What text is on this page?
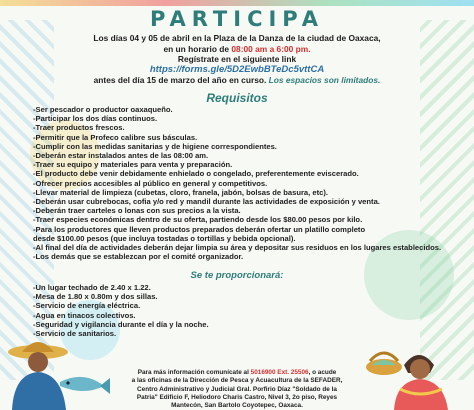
PARTICIPA
Los días 04 y 05 de abril en la Plaza de la Danza de la ciudad de Oaxaca,
en un horario de 08:00 am a 6:00 pm.
Regístrate en el siguiente link
https://forms.gle/5D2EwbBTeDc5vttCA
antes del día 15 de marzo del año en curso. Los espacios son limitados.
Requisitos
-Ser pescador o productor oaxaqueño.
-Participar los dos días continuos.
-Traer productos frescos.
-Permitir que la Profeco calibre sus básculas.
-Cumplir con las medidas sanitarias y de higiene correspondientes.
-Deberán estar instalados antes de las 08:00 am.
-Traer su equipo y materiales para venta y preparación.
-El producto debe venir debidamente enhielado o congelado, preferentemente eviscerado.
-Ofrecer precios accesibles al público en general y competitivos.
-Llevar material de limpieza (cubetas, cloro, franela, jabón, bolsas de basura, etc).
-Deberán usar cubrebocas, cofia y/o red y mandil durante las actividades de exposición y venta.
-Deberán traer carteles o lonas con sus precios a la vista.
-Traer especies económicas dentro de su oferta, partiendo desde los $80.00 pesos por kilo.
-Para los productores que lleven productos preparados deberán ofertar un platillo completo
desde $100.00 pesos (que incluya tostadas o tortillas y bebida opcional).
-Al final del día de actividades deberán dejar limpia su área y depositar sus residuos en los lugares establecidos.
-Los demás que se establezcan por el comité organizador.
Se te proporcionará:
-Un lugar techado de 2.40 x 1.22.
-Mesa de 1.80 x 0.80m y dos sillas.
-Servicio de energía eléctrica.
-Agua en tinacos colectivos.
-Seguridad y vigilancia durante el día y la noche.
-Servicio de sanitarios.
Para más información comunícate al 5016900 Ext. 25506, o acude
a las oficinas de la Dirección de Pesca y Acuacultura de la SEFADER,
Centro Administrativo y Judicial Gral. Porfirio Díaz "Soldado de la
Patria" Edificio F, Heliodoro Charis Castro, Nivel 3, 2o piso, Reyes
Mantecón, San Bartolo Coyotepec, Oaxaca.
